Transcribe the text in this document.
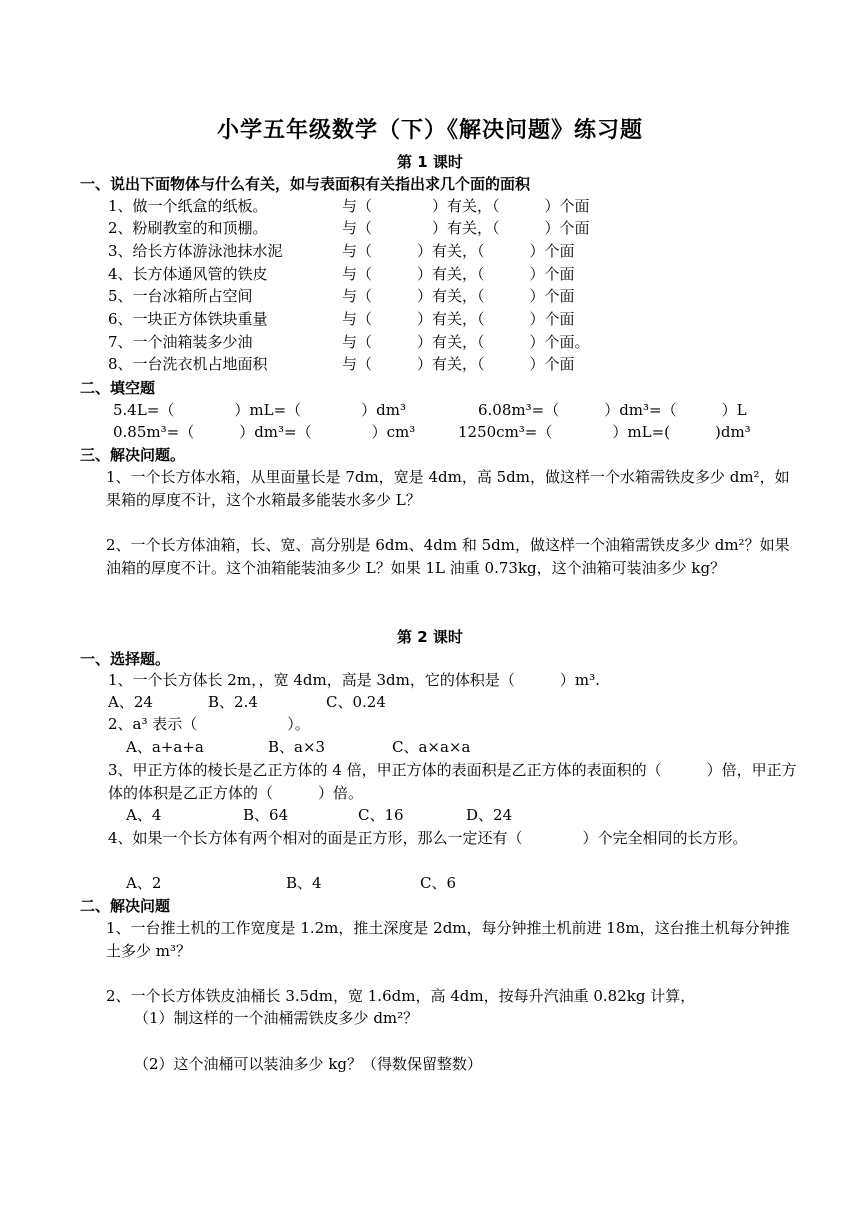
小学五年级数学（下）《解决问题》练习题
第 1 课时
一、说出下面物体与什么有关，如与表面积有关指出求几个面的面积
1、做一个纸盒的纸板。	与（　　　　）有关，（　　　）个面
2、粉刷教室的和顶棚。	与（　　　　）有关，（　　　）个面
3、给长方体游泳池抹水泥	与（　　　）有关，（　　　）个面
4、长方体通风管的铁皮	与（　　　）有关，（　　　）个面
5、一台冰箱所占空间	与（　　　）有关，（　　　）个面
6、一块正方体铁块重量	与（　　　）有关，（　　　）个面
7、一个油箱装多少油	与（　　　）有关，（　　　）个面。
8、一台洗衣机占地面积	与（　　　）有关，（　　　）个面
二、填空题
5.4L=（　　　　）mL=（　　　　）dm³	6.08m³=（　　　）dm³=（　　　）L
0.85m³=（　　　）dm³=（　　　　）cm³	1250cm³=（　　　　）mL=(　　　)dm³
三、解决问题。
1、一个长方体水箱，从里面量长是 7dm，宽是 4dm，高 5dm，做这样一个水箱需铁皮多少 dm²，如果箱的厚度不计，这个水箱最多能装水多少 L？
2、一个长方体油箱，长、宽、高分别是 6dm、4dm 和 5dm，做这样一个油箱需铁皮多少 dm²？如果油箱的厚度不计。这个油箱能装油多少 L？如果 1L 油重 0.73kg，这个油箱可装油多少 kg？
第 2 课时
一、选择题。
1、一个长方体长 2m，，宽 4dm，高是 3dm，它的体积是（　　　）m³.
A、24	B、2.4	C、0.24
2、a³ 表示（　　　　　　）。
A、a+a+a	B、a×3	C、a×a×a
3、甲正方体的棱长是乙正方体的 4 倍，甲正方体的表面积是乙正方体的表面积的（　　　）倍，甲正方体的体积是乙正方体的（　　　）倍。
A、4	B、64	C、16	D、24
4、如果一个长方体有两个相对的面是正方形，那么一定还有（　　　　）个完全相同的长方形。
A、2	B、4	C、6
二、解决问题
1、一台推土机的工作宽度是 1.2m，推土深度是 2dm，每分钟推土机前进 18m，这台推土机每分钟推土多少 m³？
2、一个长方体铁皮油桶长 3.5dm，宽 1.6dm，高 4dm，按每升汽油重 0.82kg 计算，
（1）制这样的一个油桶需铁皮多少 dm²？
（2）这个油桶可以装油多少 kg？（得数保留整数）
